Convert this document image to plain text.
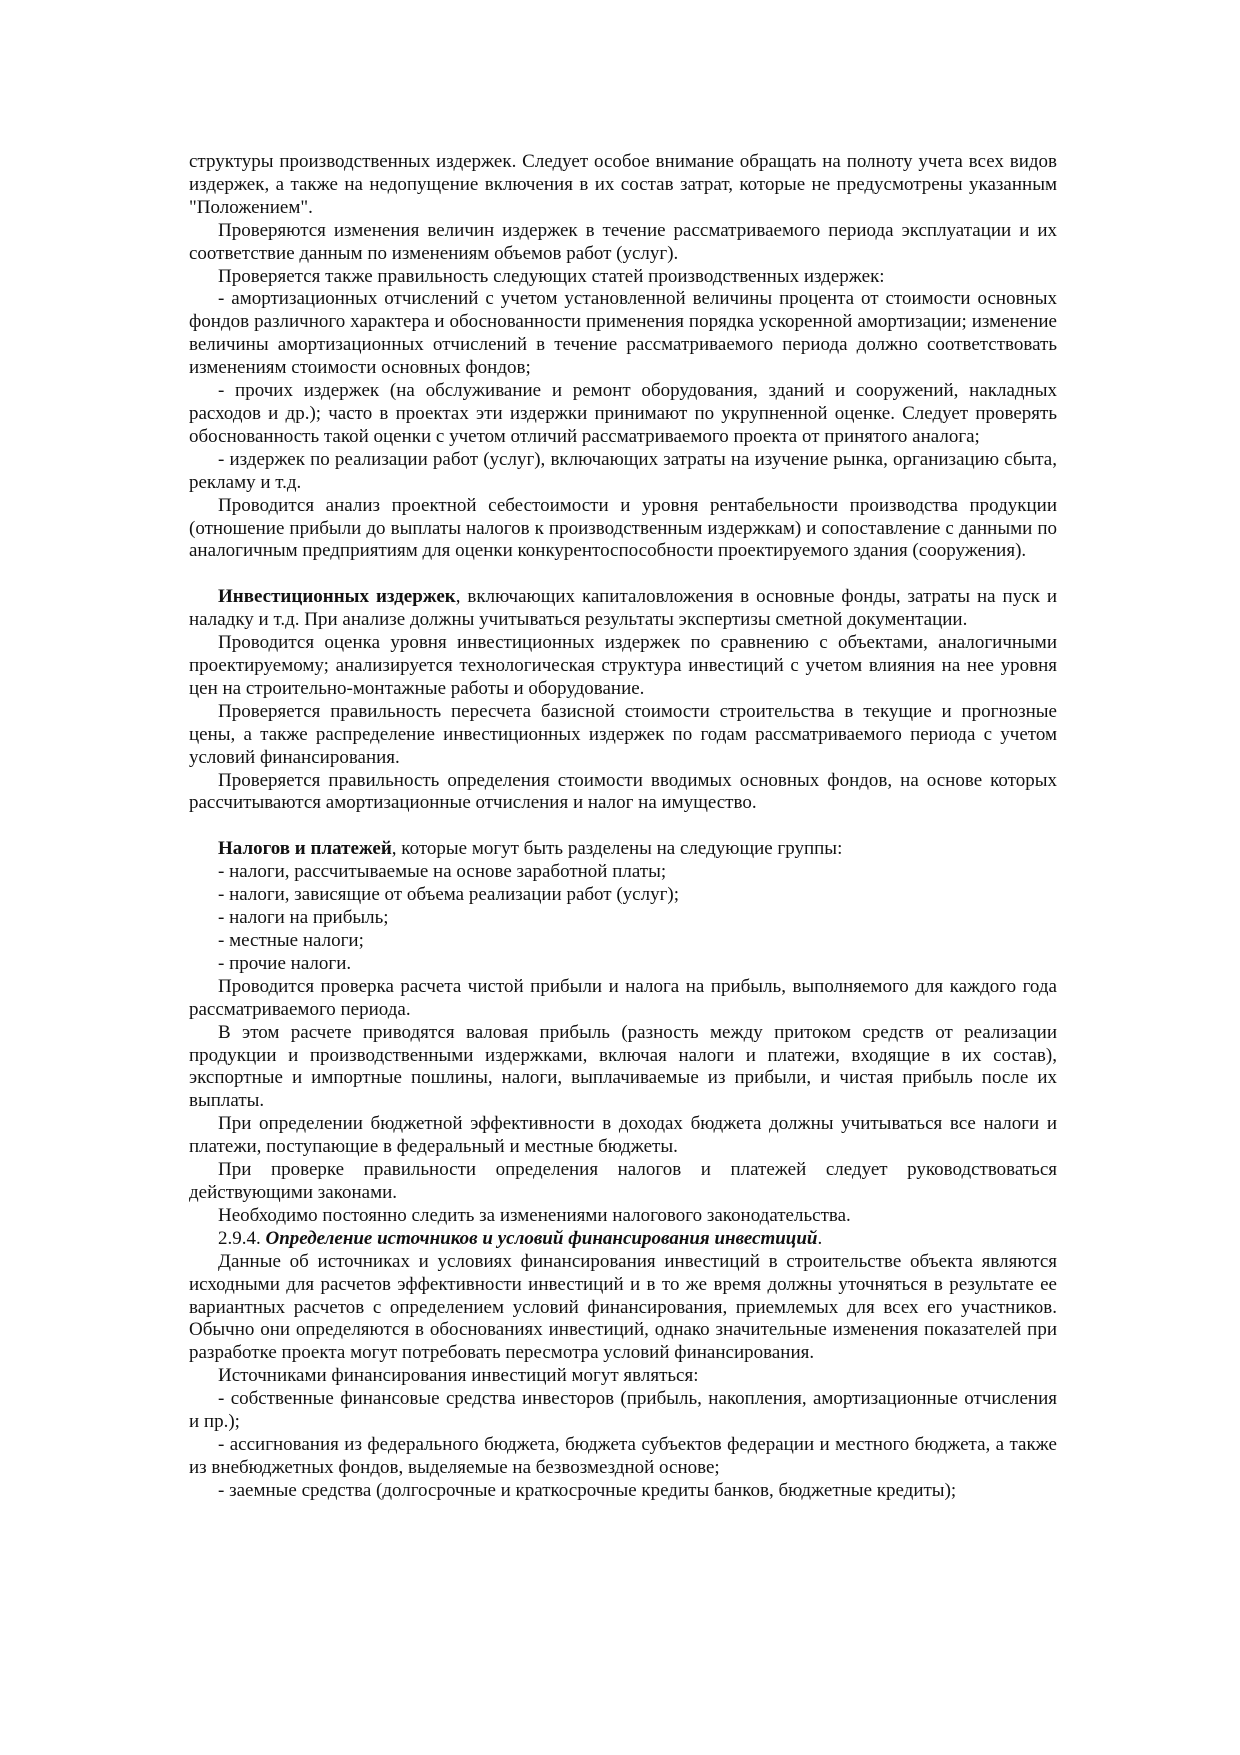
структуры производственных издержек. Следует особое внимание обращать на полноту учета всех видов издержек, а также на недопущение включения в их состав затрат, которые не предусмотрены указанным "Положением".

Проверяются изменения величин издержек в течение рассматриваемого периода эксплуатации и их соответствие данным по изменениям объемов работ (услуг).

Проверяется также правильность следующих статей производственных издержек:

- амортизационных отчислений с учетом установленной величины процента от стоимости основных фондов различного характера и обоснованности применения порядка ускоренной амортизации; изменение величины амортизационных отчислений в течение рассматриваемого периода должно соответствовать изменениям стоимости основных фондов;

- прочих издержек (на обслуживание и ремонт оборудования, зданий и сооружений, накладных расходов и др.); часто в проектах эти издержки принимают по укрупненной оценке. Следует проверять обоснованность такой оценки с учетом отличий рассматриваемого проекта от принятого аналога;

- издержек по реализации работ (услуг), включающих затраты на изучение рынка, организацию сбыта, рекламу и т.д.

Проводится анализ проектной себестоимости и уровня рентабельности производства продукции (отношение прибыли до выплаты налогов к производственным издержкам) и сопоставление с данными по аналогичным предприятиям для оценки конкурентоспособности проектируемого здания (сооружения).

Инвестиционных издержек, включающих капиталовложения в основные фонды, затраты на пуск и наладку и т.д. При анализе должны учитываться результаты экспертизы сметной документации.

Проводится оценка уровня инвестиционных издержек по сравнению с объектами, аналогичными проектируемому; анализируется технологическая структура инвестиций с учетом влияния на нее уровня цен на строительно-монтажные работы и оборудование.

Проверяется правильность пересчета базисной стоимости строительства в текущие и прогнозные цены, а также распределение инвестиционных издержек по годам рассматриваемого периода с учетом условий финансирования.

Проверяется правильность определения стоимости вводимых основных фондов, на основе которых рассчитываются амортизационные отчисления и налог на имущество.

Налогов и платежей, которые могут быть разделены на следующие группы:

- налоги, рассчитываемые на основе заработной платы;

- налоги, зависящие от объема реализации работ (услуг);

- налоги на прибыль;

- местные налоги;

- прочие налоги.

Проводится проверка расчета чистой прибыли и налога на прибыль, выполняемого для каждого года рассматриваемого периода.

В этом расчете приводятся валовая прибыль (разность между притоком средств от реализации продукции и производственными издержками, включая налоги и платежи, входящие в их состав), экспортные и импортные пошлины, налоги, выплачиваемые из прибыли, и чистая прибыль после их выплаты.

При определении бюджетной эффективности в доходах бюджета должны учитываться все налоги и платежи, поступающие в федеральный и местные бюджеты.

При проверке правильности определения налогов и платежей следует руководствоваться действующими законами.

Необходимо постоянно следить за изменениями налогового законодательства.

2.9.4. Определение источников и условий финансирования инвестиций.

Данные об источниках и условиях финансирования инвестиций в строительстве объекта являются исходными для расчетов эффективности инвестиций и в то же время должны уточняться в результате ее вариантных расчетов с определением условий финансирования, приемлемых для всех его участников. Обычно они определяются в обоснованиях инвестиций, однако значительные изменения показателей при разработке проекта могут потребовать пересмотра условий финансирования.

Источниками финансирования инвестиций могут являться:

- собственные финансовые средства инвесторов (прибыль, накопления, амортизационные отчисления и пр.);

- ассигнования из федерального бюджета, бюджета субъектов федерации и местного бюджета, а также из внебюджетных фондов, выделяемые на безвозмездной основе;

- заемные средства (долгосрочные и краткосрочные кредиты банков, бюджетные кредиты);
